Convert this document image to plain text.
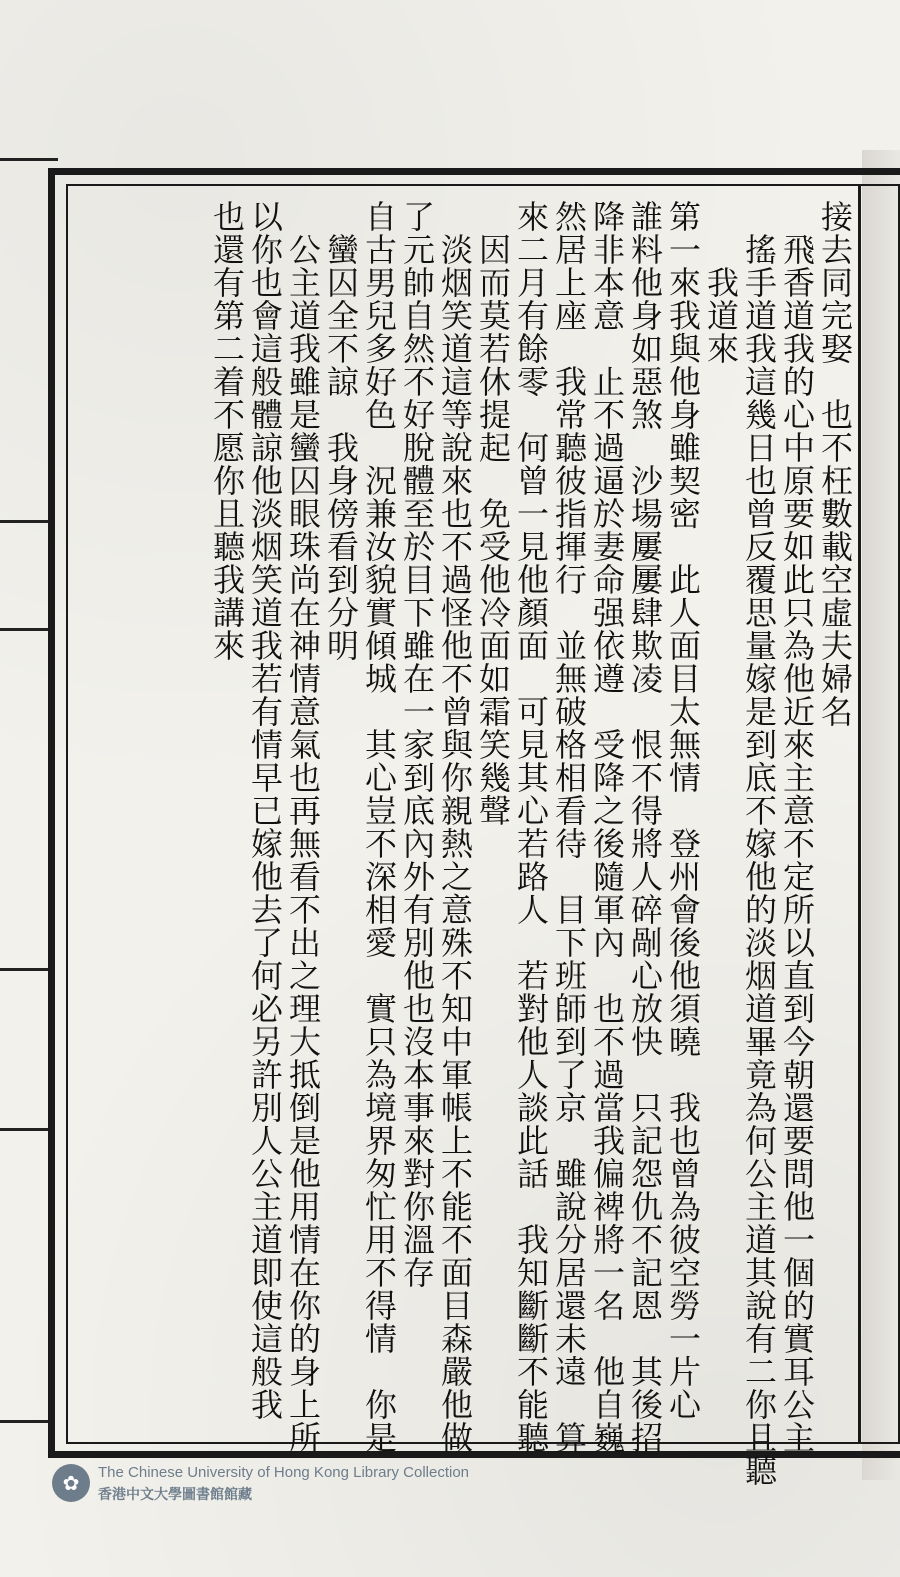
接去同完娶　也不枉數載空虛夫婦名
　飛香道我的心中原要如此只為他近來主意不定所以直到今朝還要問他一個的實耳公主
　搖手道我這幾日也曾反覆思量嫁是到底不嫁他的淡烟道畢竟為何公主道其說有二你且聽
　　我道來
第一來我與他身雖契密　此人面目太無情　登州會後他須曉　我也曾為彼空勞一片心
誰料他身如惡煞　沙場屢屢肆欺凌　恨不得將人碎剮心放快　只記怨仇不記恩　其後招
降非本意　止不過逼於妻命强依遵　受降之後隨軍內　也不過當我偏裨將一名　他自巍
然居上座　我常聽彼指揮行　並無破格相看待　目下班師到了京　雖說分居還未遠　算
來二月有餘零　何曾一見他顏面　可見其心若路人　若對他人談此話　我知斷斷不能聽
　因而莫若休提起　免受他冷面如霜笑幾聲
　淡烟笑道這等說來也不過怪他不曾與你親熱之意殊不知中軍帳上不能不面目森嚴他做
了元帥自然不好脫體至於目下雖在一家到底內外有別他也沒本事來對你溫存
自古男兒多好色　況兼汝貌實傾城　其心豈不深相愛　實只為境界匆忙用不得情　你是
　蠻囚全不諒　我身傍看到分明
　公主道我雖是蠻囚眼珠尚在神情意氣也再無看不出之理大抵倒是他用情在你的身上所
以你也會這般體諒他淡烟笑道我若有情早已嫁他去了何必另許別人公主道即使這般我
也還有第二着不愿你且聽我講來
✿	The Chinese University of Hong Kong Library Collection
香港中文大學圖書館館藏
